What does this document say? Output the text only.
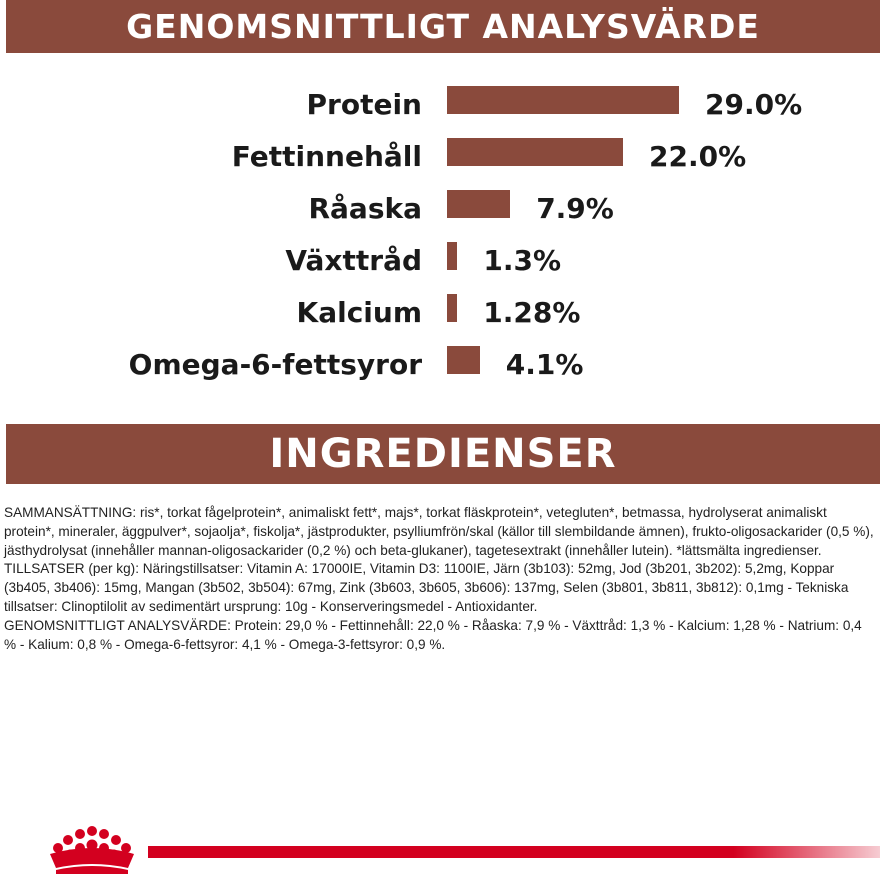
GENOMSNITTLIGT ANALYSVÄRDE
Protein	29.0%
Fettinnehåll	22.0%
Råaska	7.9%
Växttråd 1.3%
Kalcium 1.28%
Omega-6-fettsyror	4.1%
INGREDIENSER

SAMMANSÄTTNING: ris*, torkat fågelprotein*, animaliskt fett*, majs*, torkat fläskprotein*, vetegluten*, betmassa, hydrolyserat animaliskt protein*, mineraler, äggpulver*, sojaolja*, fiskolja*, jästprodukter, psylliumfrön/skal (källor till slembildande ämnen), frukto-oligosackarider (0,5 %), jästhydrolysat (innehåller mannan-oligosackarider (0,2 %) och beta-glukaner), tagetesextrakt (innehåller lutein). *lättsmälta ingredienser.

TILLSATSER (per kg): Näringstillsatser: Vitamin A: 17000IE, Vitamin D3: 1100IE, Järn (3b103): 52mg, Jod (3b201, 3b202): 5,2mg, Koppar (3b405, 3b406): 15mg, Mangan (3b502, 3b504): 67mg, Zink (3b603, 3b605, 3b606): 137mg, Selen (3b801, 3b811, 3b812): 0,1mg - Tekniska tillsatser: Clinoptilolit av sedimentärt ursprung: 10g - Konserveringsmedel - Antioxidanter.

GENOMSNITTLIGT ANALYSVÄRDE: Protein: 29,0 % - Fettinnehåll: 22,0 % - Råaska: 7,9 % - Växttråd: 1,3 % - Kalcium: 1,28 % - Natrium: 0,4 % - Kalium: 0,8 % - Omega-6-fettsyror: 4,1 % - Omega-3-fettsyror: 0,9 %.
